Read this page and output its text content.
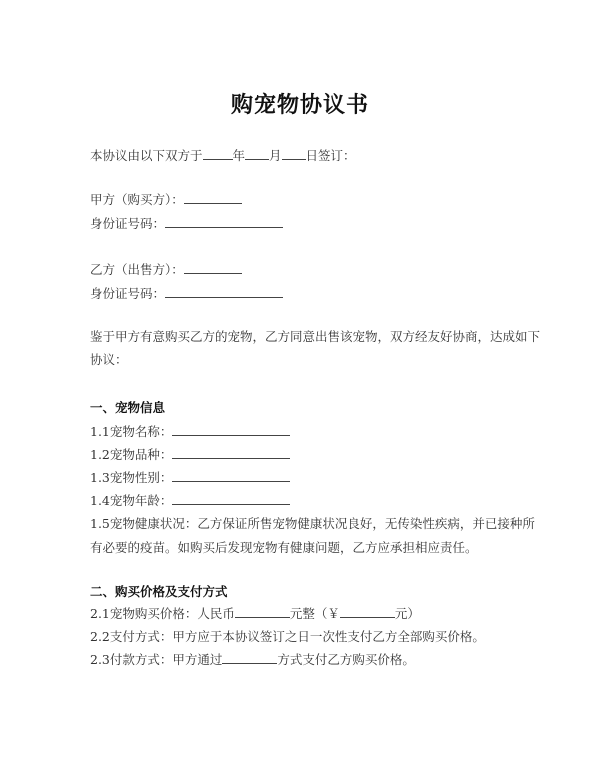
购宠物协议书
本协议由以下双方于 年 月 日签订：
甲方（购买方）：
身份证号码：
乙方（出售方）：
身份证号码：
鉴于甲方有意购买乙方的宠物，乙方同意出售该宠物，双方经友好协商，达成如下
协议：
一、宠物信息
1.1宠物名称：
1.2宠物品种：
1.3宠物性别：
1.4宠物年龄：
1.5宠物健康状况：乙方保证所售宠物健康状况良好，无传染性疾病，并已接种所
有必要的疫苗。如购买后发现宠物有健康问题，乙方应承担相应责任。
二、购买价格及支付方式
2.1宠物购买价格：人民币	元整（￥	元）
2.2支付方式：甲方应于本协议签订之日一次性支付乙方全部购买价格。
2.3付款方式：甲方通过	方式支付乙方购买价格。
